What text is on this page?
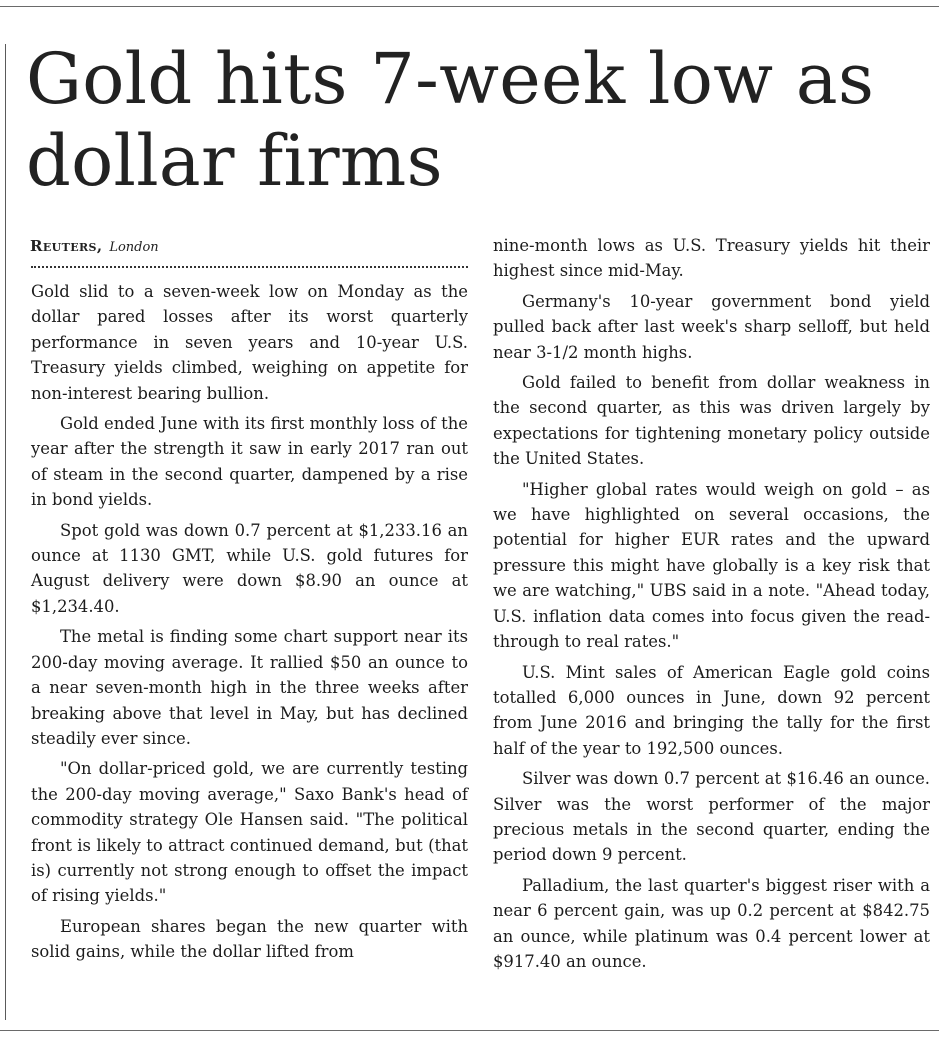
Gold hits 7-week low as dollar firms
Reuters, London

Gold slid to a seven-week low on Monday as the dollar pared losses after its worst quarterly performance in seven years and 10-year U.S. Treasury yields climbed, weighing on appetite for non-interest bearing bullion.

Gold ended June with its first monthly loss of the year after the strength it saw in early 2017 ran out of steam in the second quarter, dampened by a rise in bond yields.

Spot gold was down 0.7 percent at $1,233.16 an ounce at 1130 GMT, while U.S. gold futures for August delivery were down $8.90 an ounce at $1,234.40.

The metal is finding some chart support near its 200-day moving average. It rallied $50 an ounce to a near seven-month high in the three weeks after breaking above that level in May, but has declined steadily ever since.

"On dollar-priced gold, we are currently testing the 200-day moving average," Saxo Bank's head of commodity strategy Ole Hansen said. "The political front is likely to attract continued demand, but (that is) currently not strong enough to offset the impact of rising yields."

European shares began the new quarter with solid gains, while the dollar lifted from

nine-month lows as U.S. Treasury yields hit their highest since mid-May.

Germany's 10-year government bond yield pulled back after last week's sharp selloff, but held near 3-1/2 month highs.

Gold failed to benefit from dollar weakness in the second quarter, as this was driven largely by expectations for tightening monetary policy outside the United States.

"Higher global rates would weigh on gold – as we have highlighted on several occasions, the potential for higher EUR rates and the upward pressure this might have globally is a key risk that we are watching," UBS said in a note. "Ahead today, U.S. inflation data comes into focus given the read-through to real rates."

U.S. Mint sales of American Eagle gold coins totalled 6,000 ounces in June, down 92 percent from June 2016 and bringing the tally for the first half of the year to 192,500 ounces.

Silver was down 0.7 percent at $16.46 an ounce. Silver was the worst performer of the major precious metals in the second quarter, ending the period down 9 percent.

Palladium, the last quarter's biggest riser with a near 6 percent gain, was up 0.2 percent at $842.75 an ounce, while platinum was 0.4 percent lower at $917.40 an ounce.
